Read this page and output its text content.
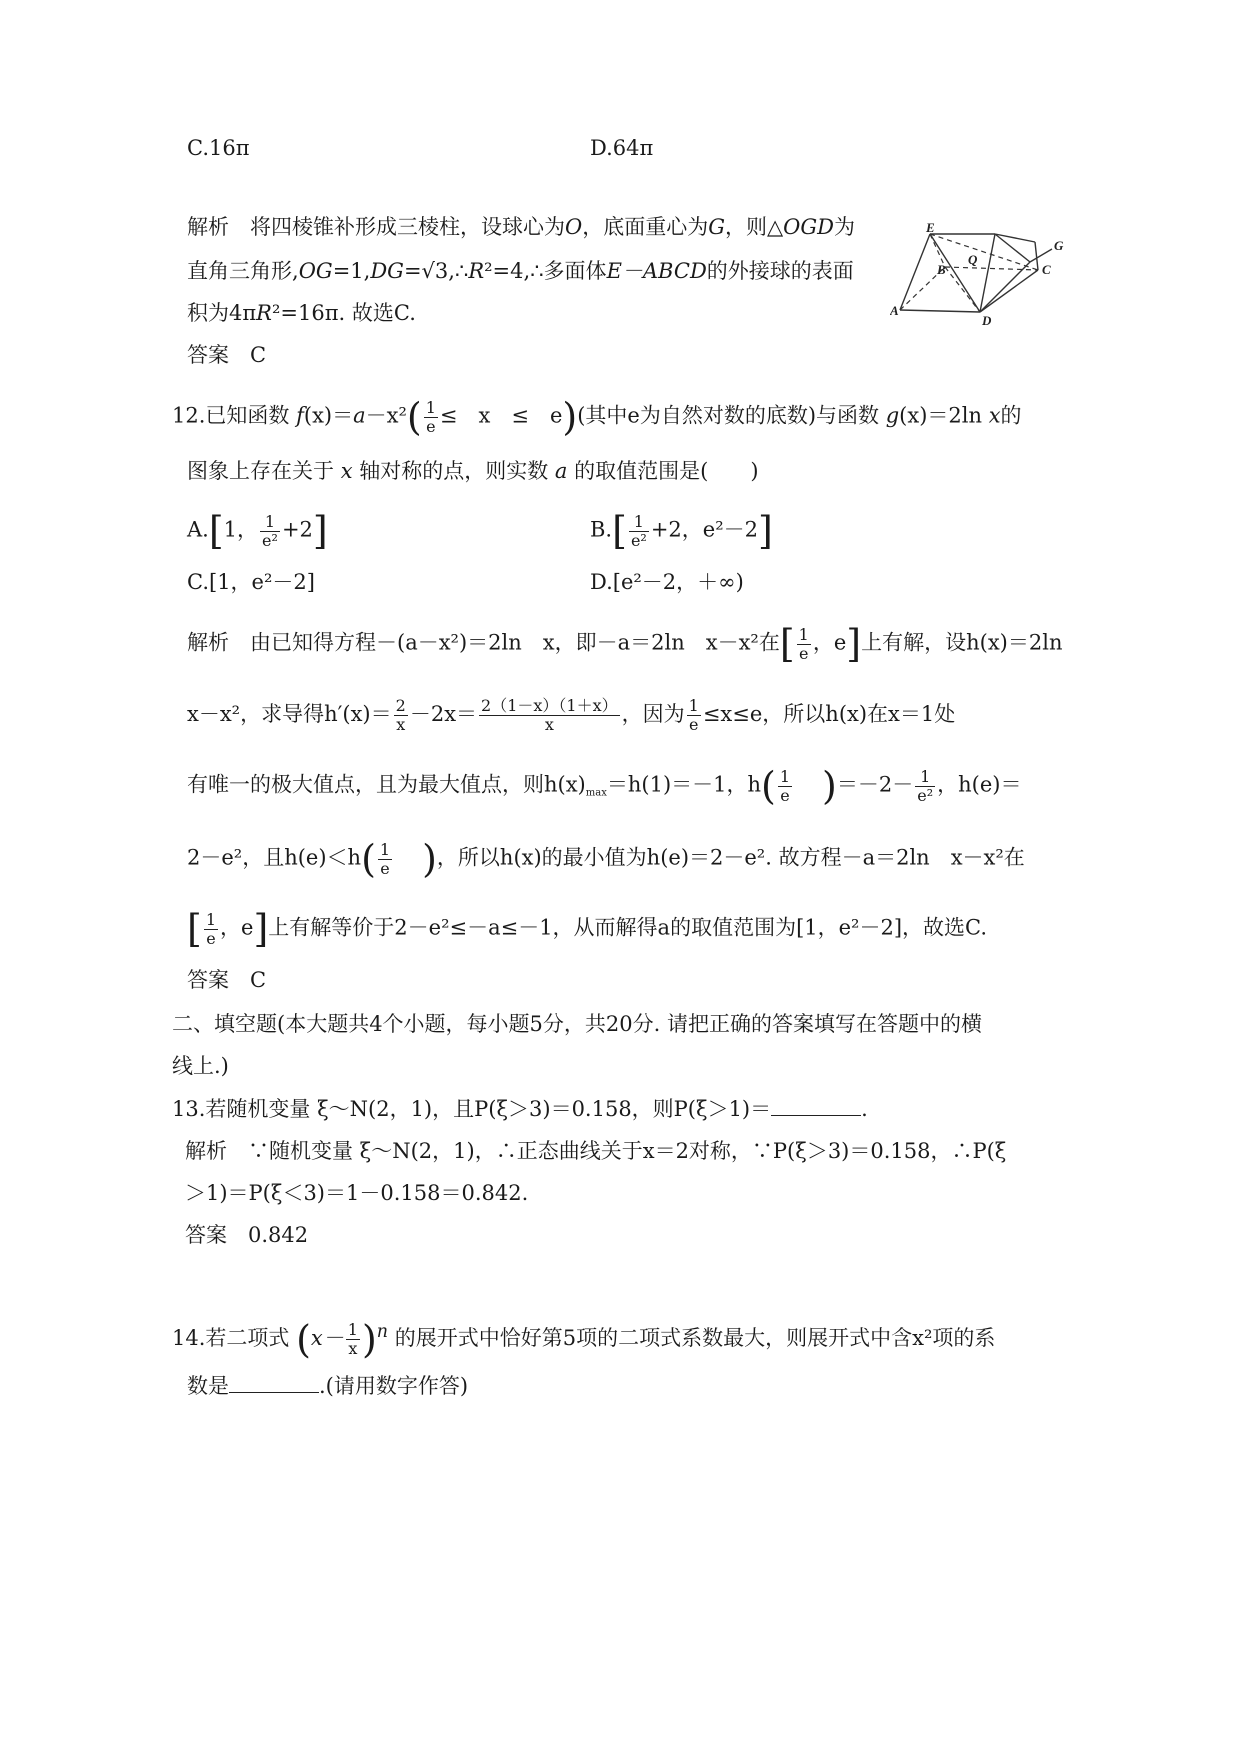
C.16π	D.64π
解析　将四棱锥补形成三棱柱，设球心为O，底面重心为G，则△OGD为
直角三角形,OG=1,DG=√3,∴R²=4,∴多面体E－ABCD的外接球的表面
积为4πR²=16π. 故选C.
答案　C
E
B
Q
G
C
A
D
12.已知函数 $f(x)=a-x^2( \frac{1}{e}$ ≤　x　≤　e)(其中e为自然对数的底数)与函数 g(x)＝2ln x的
图象上存在关于 x 轴对称的点，则实数 a 的取值范围是(　　)
A.[1， $\frac{1}{\text{e²}} +2$]	$B.[ \frac{1}{\text{e²}} +2$，e²－2]
C.[1，e²－2]	D.[e²－2，＋∞)
解析　由已知得方程－(a－x²)＝2ln　x，即－a＝2ln　x－x²在[ $\frac{1}{e}$ ，e]上有解，设h(x)＝2ln
x－x²，求导得$h'(x)= \frac{2}{x} -2x= \frac{2(1-x)(1+x)}{x}$ ，因为 $\frac{1}{e} \le x\le e$，所以h(x)在x＝1处
有唯一的极大值点，且为最大值点，则$h(x)_{max}=h(1)=-1$，$h( \frac{1}{e} )=-2- \frac{1}{\text{e²}}$ ，h(e)＝
2－e²，且$h(e)<h( \frac{1}{e}$ )，所以h(x)的最小值为h(e)＝2－e². 故方程－a＝2ln　x－x²在
[ $\frac{1}{e}$ ，e]上有解等价于2－e²≤－a≤－1，从而解得a的取值范围为[1，e²－2]，故选C.
答案　C
二、填空题(本大题共4个小题，每小题5分，共20分. 请把正确的答案填写在答题中的横
线上.)
13.若随机变量 ξ～N(2，1)，且P(ξ＞3)＝0.158，则P(ξ＞1)＝	.
解析　∵随机变量 ξ～N(2，1)，∴正态曲线关于x＝2对称，∵P(ξ＞3)＝0.158，∴P(ξ
＞1)＝P(ξ＜3)＝1－0.158＝0.842.
答案　0.842
14.若二项式 $(x- \frac{1}{x} )^n$ 的展开式中恰好第5项的二项式系数最大，则展开式中含x²项的系
数是	.(请用数字作答)
